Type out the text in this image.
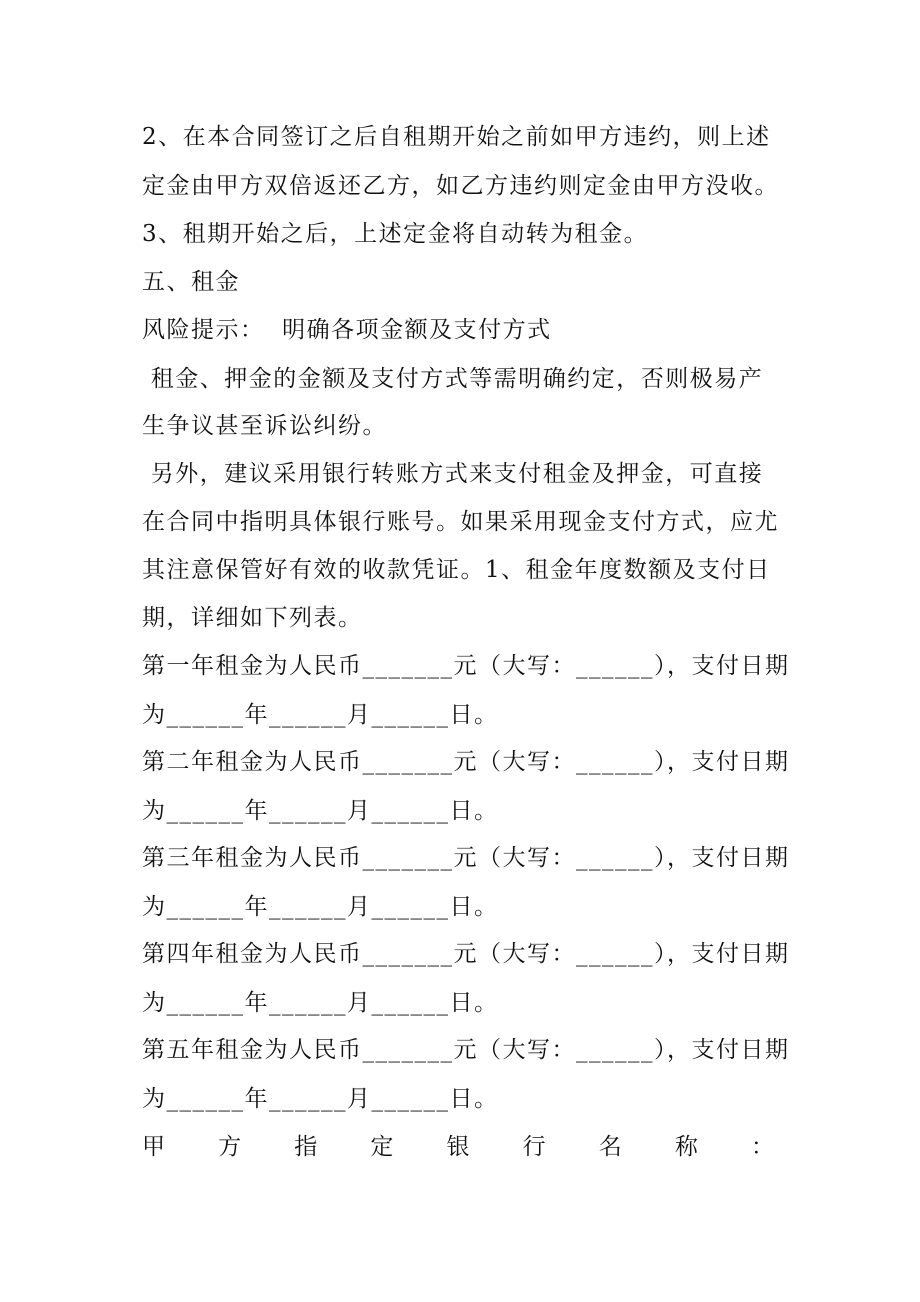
2、在本合同签订之后自租期开始之前如甲方违约，则上述
定金由甲方双倍返还乙方，如乙方违约则定金由甲方没收。
3、租期开始之后，上述定金将自动转为租金。
五、租金
风险提示：  明确各项金额及支付方式
租金、押金的金额及支付方式等需明确约定，否则极易产
生争议甚至诉讼纠纷。
另外，建议采用银行转账方式来支付租金及押金，可直接
在合同中指明具体银行账号。如果采用现金支付方式，应尤
其注意保管好有效的收款凭证。1、租金年度数额及支付日
期，详细如下列表。
第一年租金为人民币_______元（大写：______），支付日期
为______年______月______日。
第二年租金为人民币_______元（大写：______），支付日期
为______年______月______日。
第三年租金为人民币_______元（大写：______），支付日期
为______年______月______日。
第四年租金为人民币_______元（大写：______），支付日期
为______年______月______日。
第五年租金为人民币_______元（大写：______），支付日期
为______年______月______日。
甲 方 指 定 银 行 名 称 ：
